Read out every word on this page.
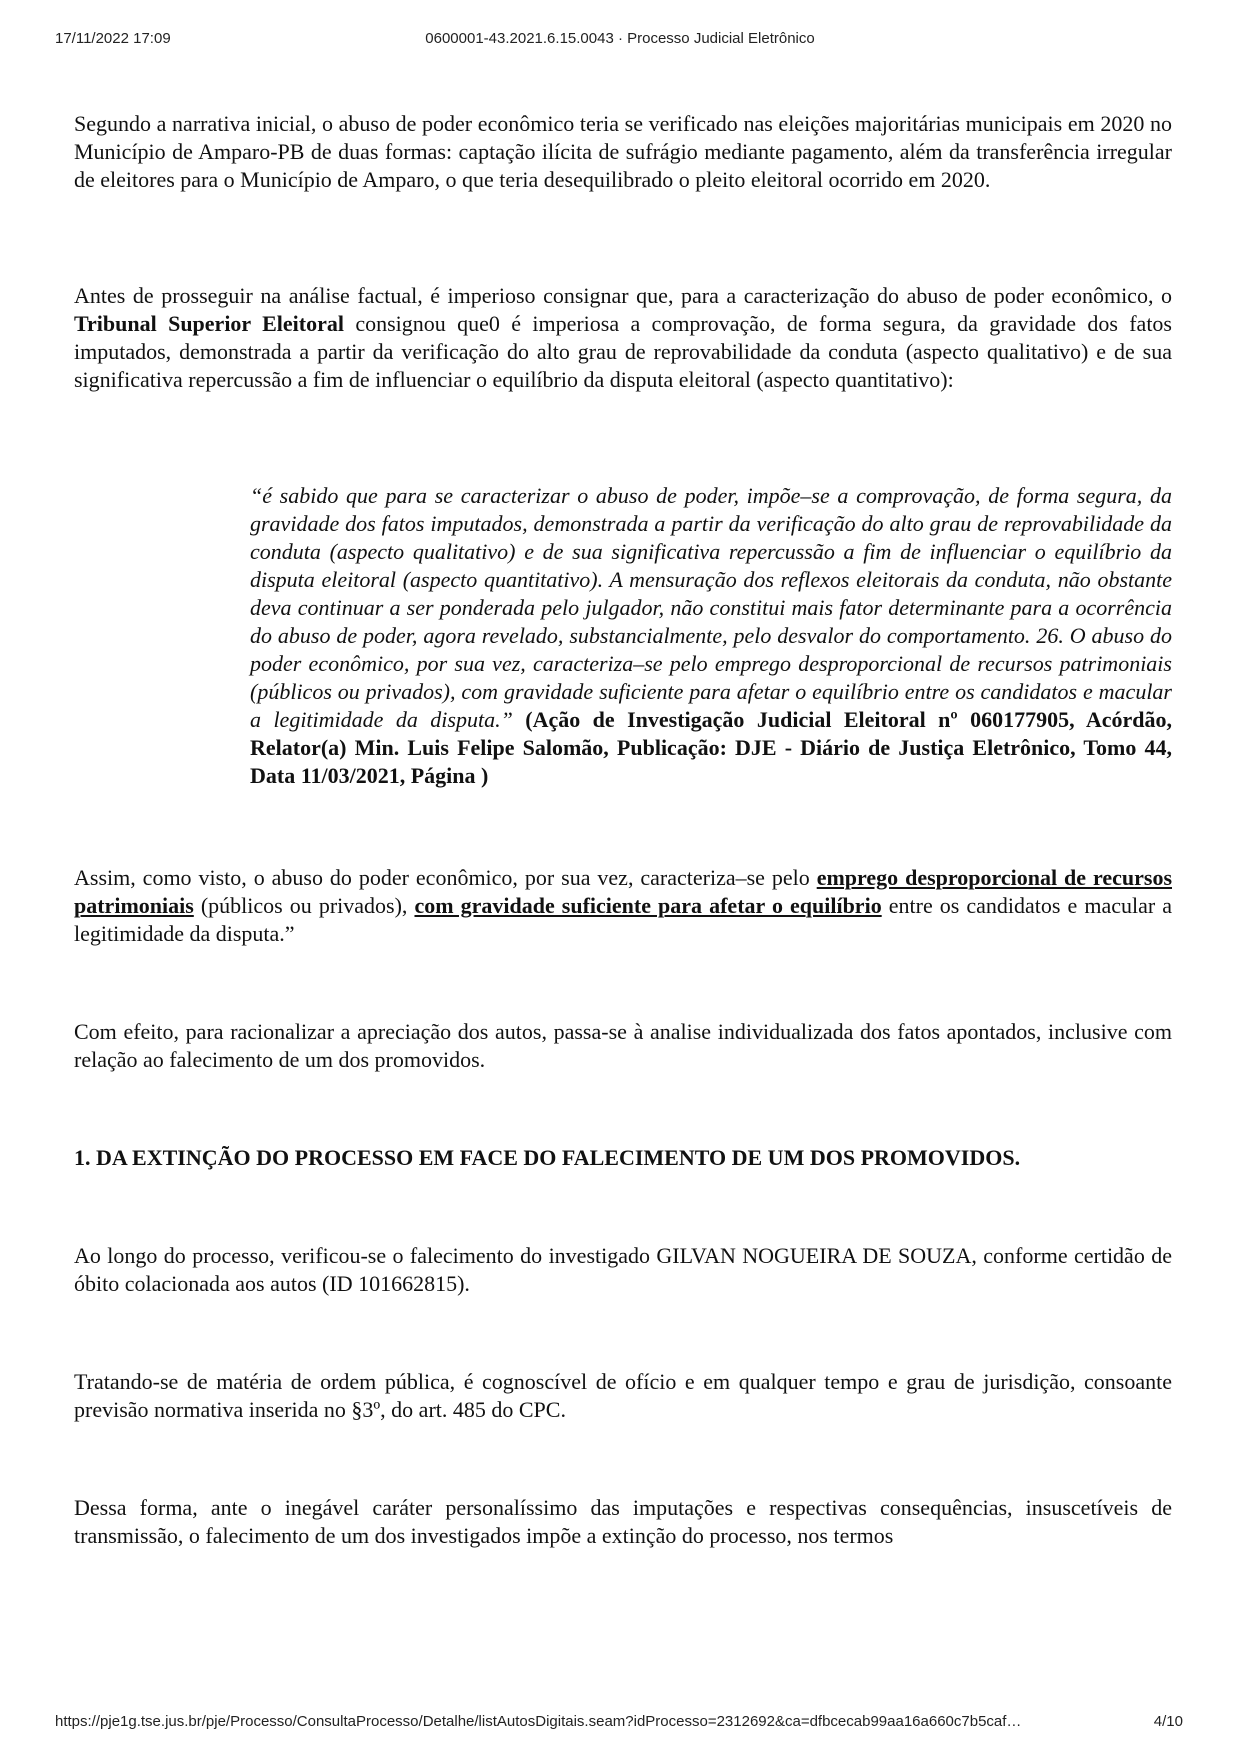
17/11/2022 17:09	0600001-43.2021.6.15.0043 · Processo Judicial Eletrônico

Segundo a narrativa inicial, o abuso de poder econômico teria se verificado nas eleições majoritárias municipais em 2020 no Município de Amparo-PB de duas formas: captação ilícita de sufrágio mediante pagamento, além da transferência irregular de eleitores para o Município de Amparo, o que teria desequilibrado o pleito eleitoral ocorrido em 2020.

Antes de prosseguir na análise factual, é imperioso consignar que, para a caracterização do abuso de poder econômico, o Tribunal Superior Eleitoral consignou que0 é imperiosa a comprovação, de forma segura, da gravidade dos fatos imputados, demonstrada a partir da verificação do alto grau de reprovabilidade da conduta (aspecto qualitativo) e de sua significativa repercussão a fim de influenciar o equilíbrio da disputa eleitoral (aspecto quantitativo):

“é sabido que para se caracterizar o abuso de poder, impõe–se a comprovação, de forma segura, da gravidade dos fatos imputados, demonstrada a partir da verificação do alto grau de reprovabilidade da conduta (aspecto qualitativo) e de sua significativa repercussão a fim de influenciar o equilíbrio da disputa eleitoral (aspecto quantitativo). A mensuração dos reflexos eleitorais da conduta, não obstante deva continuar a ser ponderada pelo julgador, não constitui mais fator determinante para a ocorrência do abuso de poder, agora revelado, substancialmente, pelo desvalor do comportamento. 26. O abuso do poder econômico, por sua vez, caracteriza–se pelo emprego desproporcional de recursos patrimoniais (públicos ou privados), com gravidade suficiente para afetar o equilíbrio entre os candidatos e macular a legitimidade da disputa.” (Ação de Investigação Judicial Eleitoral nº 060177905, Acórdão, Relator(a) Min. Luis Felipe Salomão, Publicação: DJE - Diário de Justiça Eletrônico, Tomo 44, Data 11/03/2021, Página )

Assim, como visto, o abuso do poder econômico, por sua vez, caracteriza–se pelo emprego desproporcional de recursos patrimoniais (públicos ou privados), com gravidade suficiente para afetar o equilíbrio entre os candidatos e macular a legitimidade da disputa.”

Com efeito, para racionalizar a apreciação dos autos, passa-se à analise individualizada dos fatos apontados, inclusive com relação ao falecimento de um dos promovidos.

1. DA EXTINÇÃO DO PROCESSO EM FACE DO FALECIMENTO DE UM DOS PROMOVIDOS.

Ao longo do processo, verificou-se o falecimento do investigado GILVAN NOGUEIRA DE SOUZA, conforme certidão de óbito colacionada aos autos (ID 101662815).

Tratando-se de matéria de ordem pública, é cognoscível de ofício e em qualquer tempo e grau de jurisdição, consoante previsão normativa inserida no §3º, do art. 485 do CPC.

Dessa forma, ante o inegável caráter personalíssimo das imputações e respectivas consequências, insuscetíveis de transmissão, o falecimento de um dos investigados impõe a extinção do processo, nos termos

https://pje1g.tse.jus.br/pje/Processo/ConsultaProcesso/Detalhe/listAutosDigitais.seam?idProcesso=2312692&ca=dfbcecab99aa16a660c7b5caf…	4/10
